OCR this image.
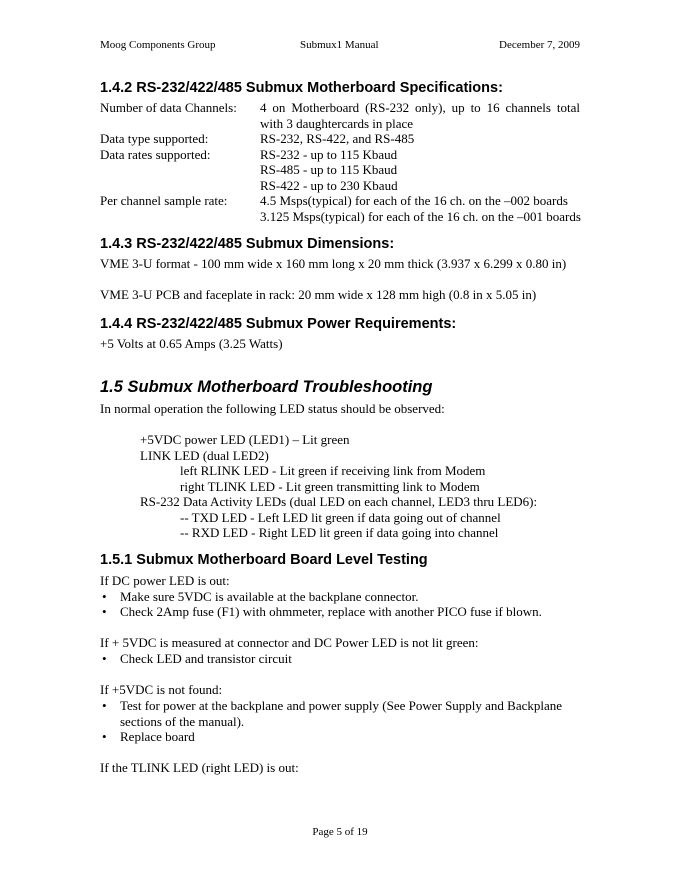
Moog Components Group	Submux1 Manual	December 7, 2009
1.4.2 RS-232/422/485 Submux Motherboard Specifications:
Number of data Channels: 4 on Motherboard (RS-232 only), up to 16 channels total
with 3 daughtercards in place
Data type supported:	RS-232, RS-422, and RS-485
Data rates supported:	RS-232 - up to 115 Kbaud
RS-485 - up to 115 Kbaud
RS-422 - up to 230 Kbaud
Per channel sample rate:	4.5 Msps(typical) for each of the 16 ch. on the –002 boards
3.125 Msps(typical) for each of the 16 ch. on the –001 boards
1.4.3 RS-232/422/485 Submux Dimensions:
VME 3-U format - 100 mm wide x 160 mm long x 20 mm thick (3.937 x 6.299 x 0.80 in)
VME 3-U PCB and faceplate in rack: 20 mm wide x 128 mm high (0.8 in x 5.05 in)
1.4.4 RS-232/422/485 Submux Power Requirements:
+5 Volts at 0.65 Amps (3.25 Watts)
1.5 Submux Motherboard Troubleshooting
In normal operation the following LED status should be observed:
+5VDC power LED (LED1) – Lit green
LINK LED (dual LED2)
left RLINK LED - Lit green if receiving link from Modem
right TLINK LED - Lit green transmitting link to Modem
RS-232 Data Activity LEDs (dual LED on each channel, LED3 thru LED6):
-- TXD LED - Left LED lit green if data going out of channel
-- RXD LED - Right LED lit green if data going into channel
1.5.1 Submux Motherboard Board Level Testing
If DC power LED is out:
• Make sure 5VDC is available at the backplane connector.
• Check 2Amp fuse (F1) with ohmmeter, replace with another PICO fuse if blown.
If + 5VDC is measured at connector and DC Power LED is not lit green:
• Check LED and transistor circuit
If +5VDC is not found:
• Test for power at the backplane and power supply (See Power Supply and Backplane
sections of the manual).
• Replace board
If the TLINK LED (right LED) is out:
Page 5 of 19
